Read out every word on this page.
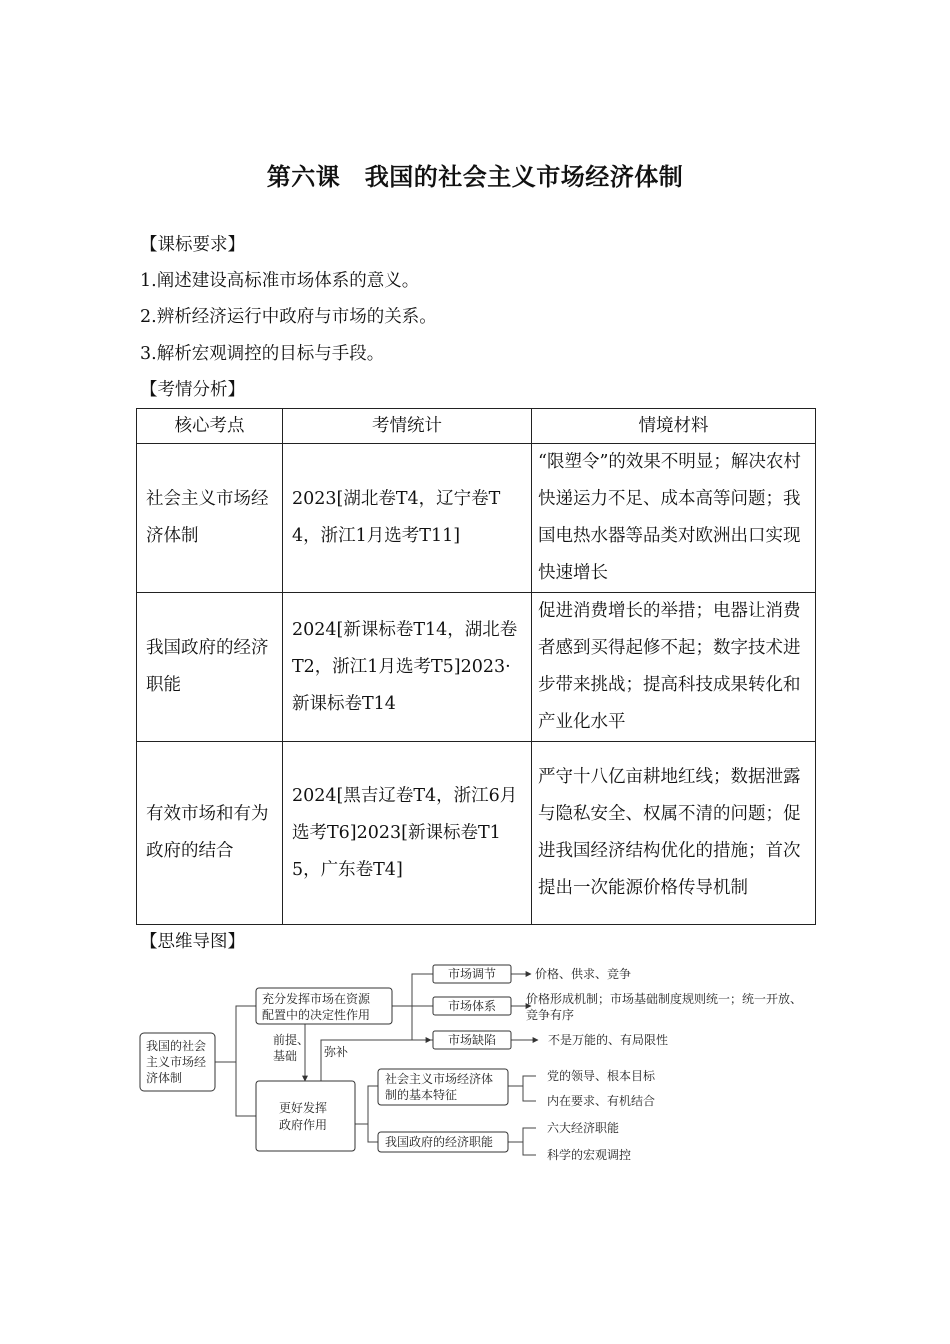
第六课　我国的社会主义市场经济体制
【课标要求】
1.阐述建设高标准市场体系的意义。
2.辨析经济运行中政府与市场的关系。
3.解析宏观调控的目标与手段。
【考情分析】
核心考点	考情统计	情境材料
社会主义市场经济体制	2023[湖北卷T4，辽宁卷T4，浙江1月选考T11]	“限塑令”的效果不明显；解决农村快递运力不足、成本高等问题；我国电热水器等品类对欧洲出口实现快速增长
我国政府的经济职能	2024[新课标卷T14，湖北卷T2，浙江1月选考T5]2023·新课标卷T14	促进消费增长的举措；电器让消费者感到买得起修不起；数字技术进步带来挑战；提高科技成果转化和产业化水平
有效市场和有为政府的结合	2024[黑吉辽卷T4，浙江6月选考T6]2023[新课标卷T15，广东卷T4]	严守十八亿亩耕地红线；数据泄露与隐私安全、权属不清的问题；促进我国经济结构优化的措施；首次提出一次能源价格传导机制
【思维导图】
我国的社会
主义市场经
济体制
充分发挥市场在资源
配置中的决定性作用
前提、
基础 弥补
更好发挥
政府作用
市场调节	价格、供求、竞争
市场体系 价格形成机制；市场基础制度规则统一；统一开放、
竞争有序
市场缺陷	不是万能的、有局限性
社会主义市场经济体
制的基本特征
党的领导、根本目标
内在要求、有机结合
我国政府的经济职能
六大经济职能
科学的宏观调控
